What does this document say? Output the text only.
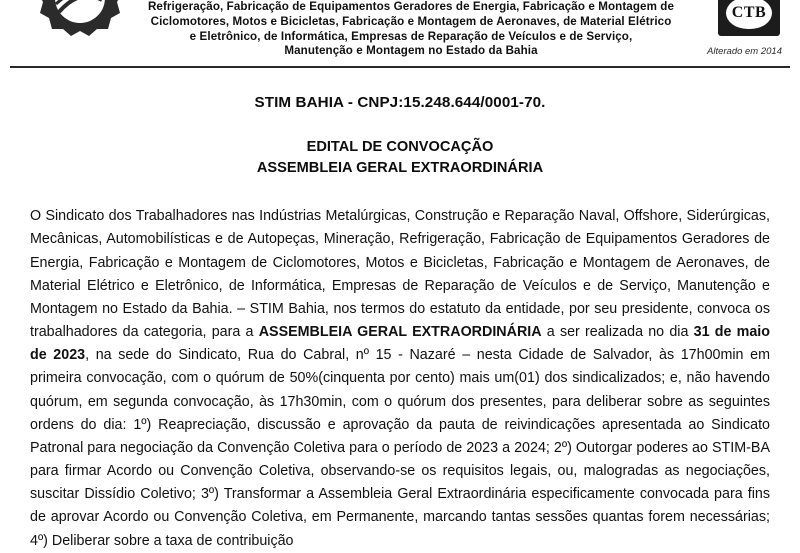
Refrigeração, Fabricação de Equipamentos Geradores de Energia, Fabricação e Montagem de
Ciclomotores, Motos e Bicicletas, Fabricação e Montagem de Aeronaves, de Material Elétrico
e Eletrônico, de Informática, Empresas de Reparação de Veículos e de Serviço,
Manutenção e Montagem no Estado da Bahia
CTB
Alterado em 2014
STIM BAHIA - CNPJ:15.248.644/0001-70.
EDITAL DE CONVOCAÇÃO
ASSEMBLEIA GERAL EXTRAORDINÁRIA

O Sindicato dos Trabalhadores nas Indústrias Metalúrgicas, Construção e Reparação Naval, Offshore, Siderúrgicas, Mecânicas, Automobilísticas e de Autopeças, Mineração, Refrigeração, Fabricação de Equipamentos Geradores de Energia, Fabricação e Montagem de Ciclomotores, Motos e Bicicletas, Fabricação e Montagem de Aeronaves, de Material Elétrico e Eletrônico, de Informática, Empresas de Reparação de Veículos e de Serviço, Manutenção e Montagem no Estado da Bahia. – STIM Bahia, nos termos do estatuto da entidade, por seu presidente, convoca os trabalhadores da categoria, para a ASSEMBLEIA GERAL EXTRAORDINÁRIA a ser realizada no dia 31 de maio de 2023, na sede do Sindicato, Rua do Cabral, nº 15 - Nazaré – nesta Cidade de Salvador, às 17h00min em primeira convocação, com o quórum de 50%(cinquenta por cento) mais um(01) dos sindicalizados; e, não havendo quórum, em segunda convocação, às 17h30min, com o quórum dos presentes, para deliberar sobre as seguintes ordens do dia: 1º) Reapreciação, discussão e aprovação da pauta de reivindicações apresentada ao Sindicato Patronal para negociação da Convenção Coletiva para o período de 2023 a 2024; 2º) Outorgar poderes ao STIM-BA para firmar Acordo ou Convenção Coletiva, observando-se os requisitos legais, ou, malogradas as negociações, suscitar Dissídio Coletivo; 3º) Transformar a Assembleia Geral Extraordinária especificamente convocada para fins de aprovar Acordo ou Convenção Coletiva, em Permanente, marcando tantas sessões quantas forem necessárias; 4º) Deliberar sobre a taxa de contribuição
